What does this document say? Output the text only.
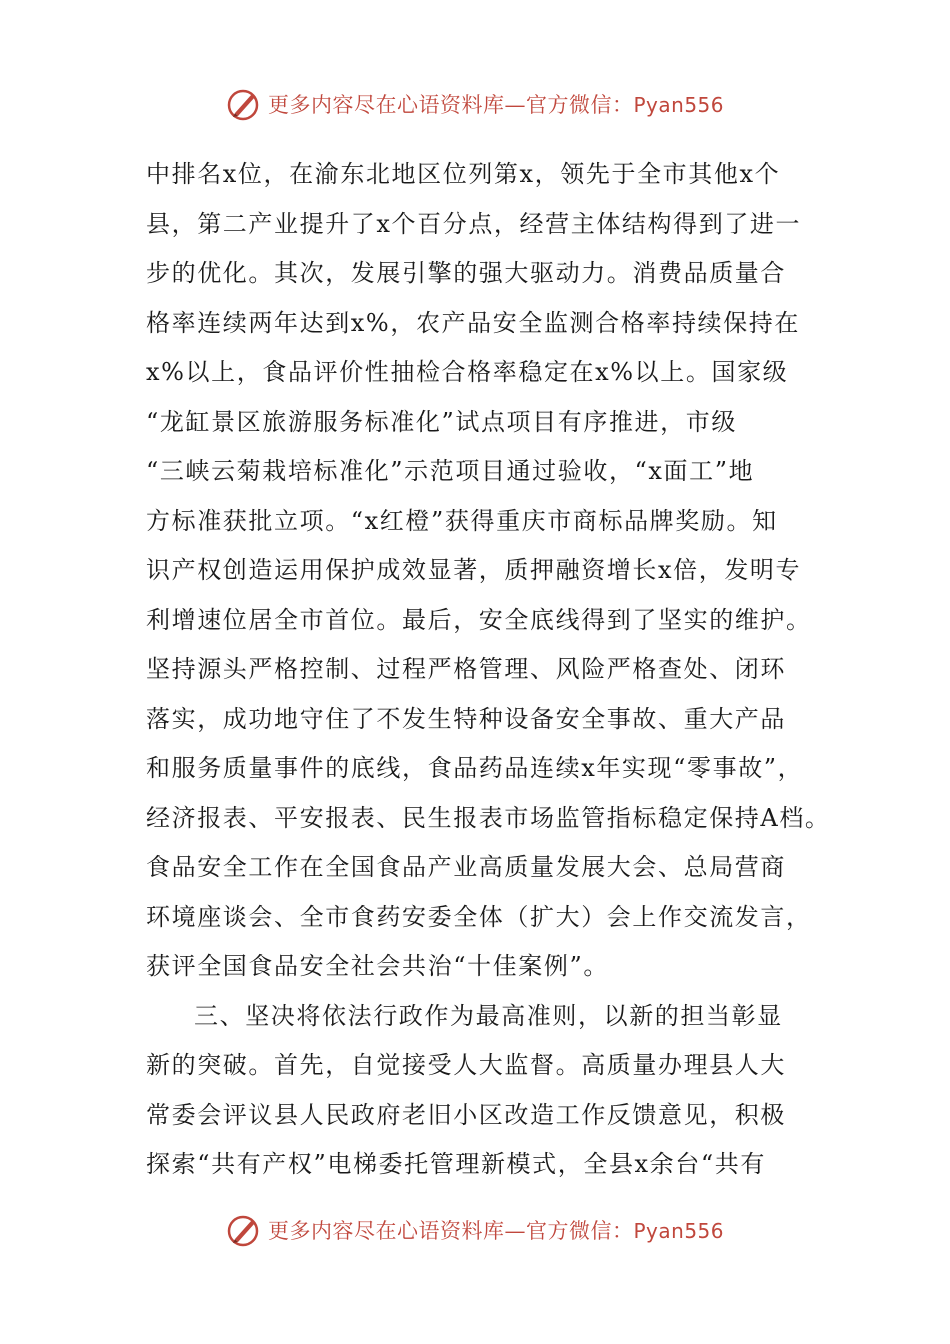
更多内容尽在心语资料库—官方微信：Pyan556
中排名x位，在渝东北地区位列第x，领先于全市其他x个
县，第二产业提升了x个百分点，经营主体结构得到了进一
步的优化。其次，发展引擎的强大驱动力。消费品质量合
格率连续两年达到x%，农产品安全监测合格率持续保持在
x%以上，食品评价性抽检合格率稳定在x%以上。国家级
“龙缸景区旅游服务标准化”试点项目有序推进，市级
“三峡云菊栽培标准化”示范项目通过验收，“x面工”地
方标准获批立项。“x红橙”获得重庆市商标品牌奖励。知
识产权创造运用保护成效显著，质押融资增长x倍，发明专
利增速位居全市首位。最后，安全底线得到了坚实的维护。
坚持源头严格控制、过程严格管理、风险严格查处、闭环
落实，成功地守住了不发生特种设备安全事故、重大产品
和服务质量事件的底线，食品药品连续x年实现“零事故”，
经济报表、平安报表、民生报表市场监管指标稳定保持A档。
食品安全工作在全国食品产业高质量发展大会、总局营商
环境座谈会、全市食药安委全体（扩大）会上作交流发言，
获评全国食品安全社会共治“十佳案例”。
三、坚决将依法行政作为最高准则，以新的担当彰显
新的突破。首先，自觉接受人大监督。高质量办理县人大
常委会评议县人民政府老旧小区改造工作反馈意见，积极
探索“共有产权”电梯委托管理新模式，全县x余台“共有
更多内容尽在心语资料库—官方微信：Pyan556
